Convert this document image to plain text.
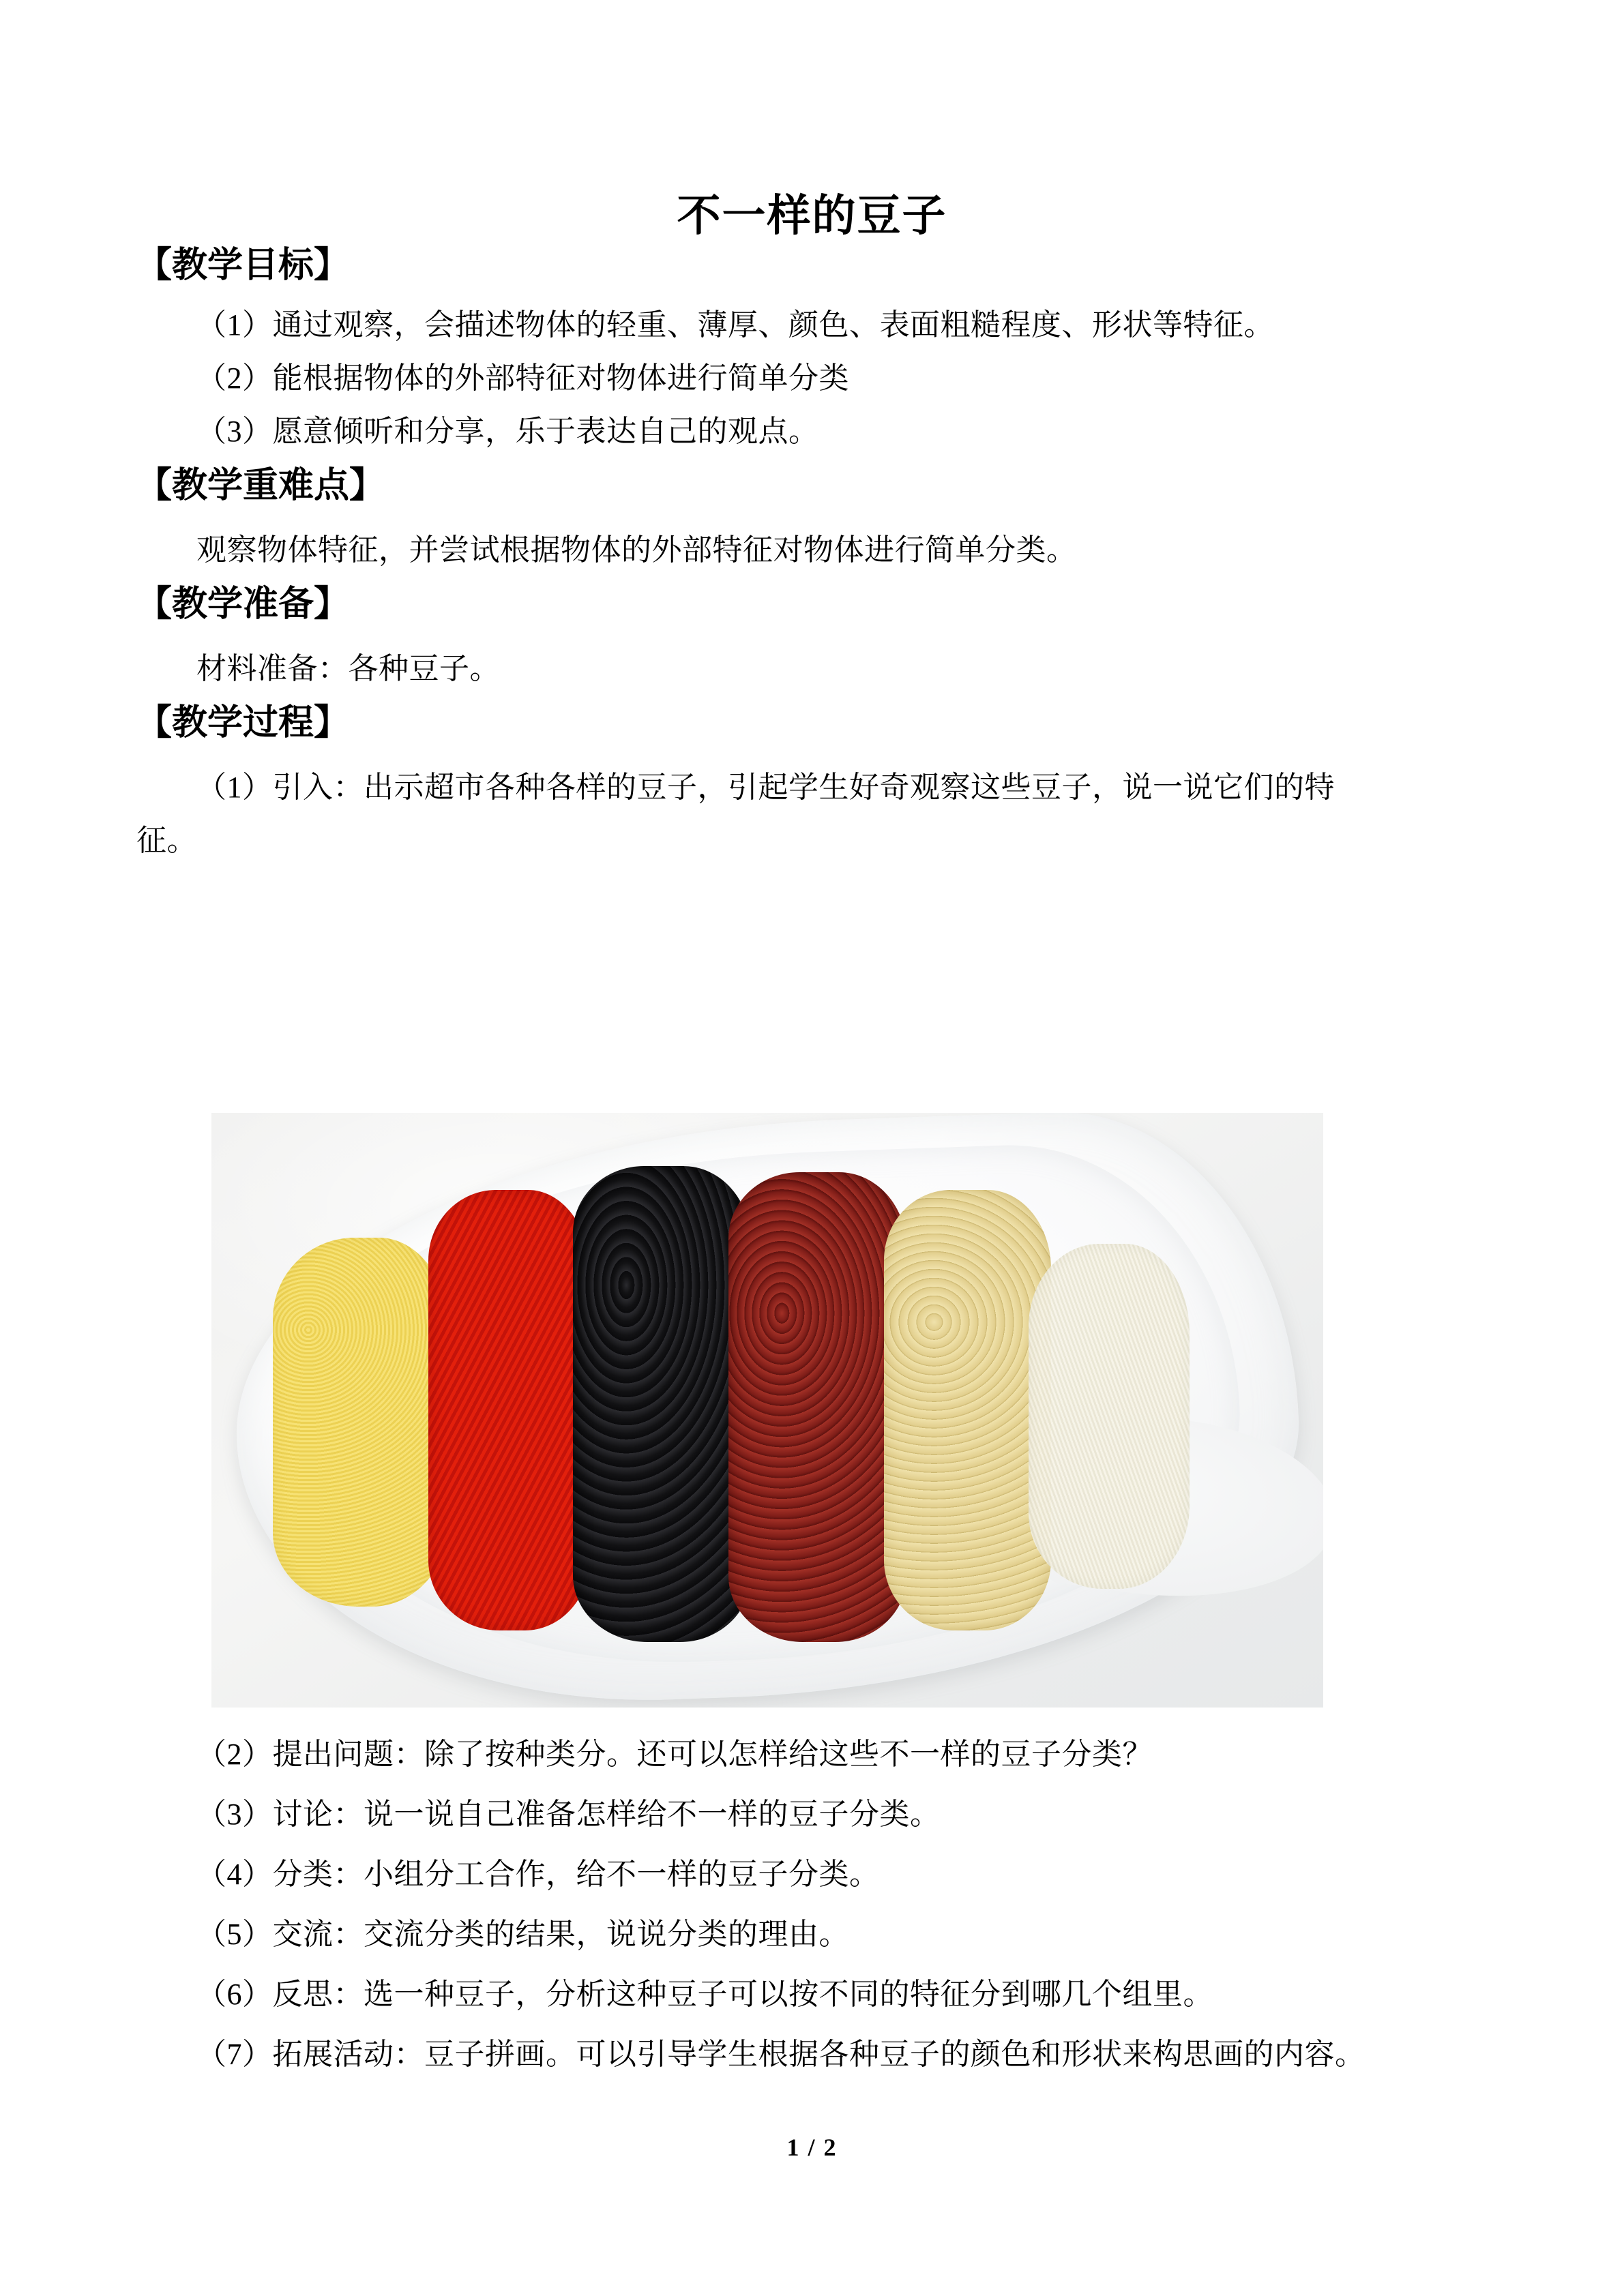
不一样的豆子
【教学目标】
（1）通过观察，会描述物体的轻重、薄厚、颜色、表面粗糙程度、形状等特征。
（2）能根据物体的外部特征对物体进行简单分类
（3）愿意倾听和分享，乐于表达自己的观点。
【教学重难点】
观察物体特征，并尝试根据物体的外部特征对物体进行简单分类。
【教学准备】
材料准备：各种豆子。
【教学过程】
（1）引入：出示超市各种各样的豆子，引起学生好奇观察这些豆子，说一说它们的特
征。
（2）提出问题：除了按种类分。还可以怎样给这些不一样的豆子分类？
（3）讨论：说一说自己准备怎样给不一样的豆子分类。
（4）分类：小组分工合作，给不一样的豆子分类。
（5）交流：交流分类的结果，说说分类的理由。
（6）反思：选一种豆子，分析这种豆子可以按不同的特征分到哪几个组里。
（7）拓展活动：豆子拼画。可以引导学生根据各种豆子的颜色和形状来构思画的内容。
1 / 2
